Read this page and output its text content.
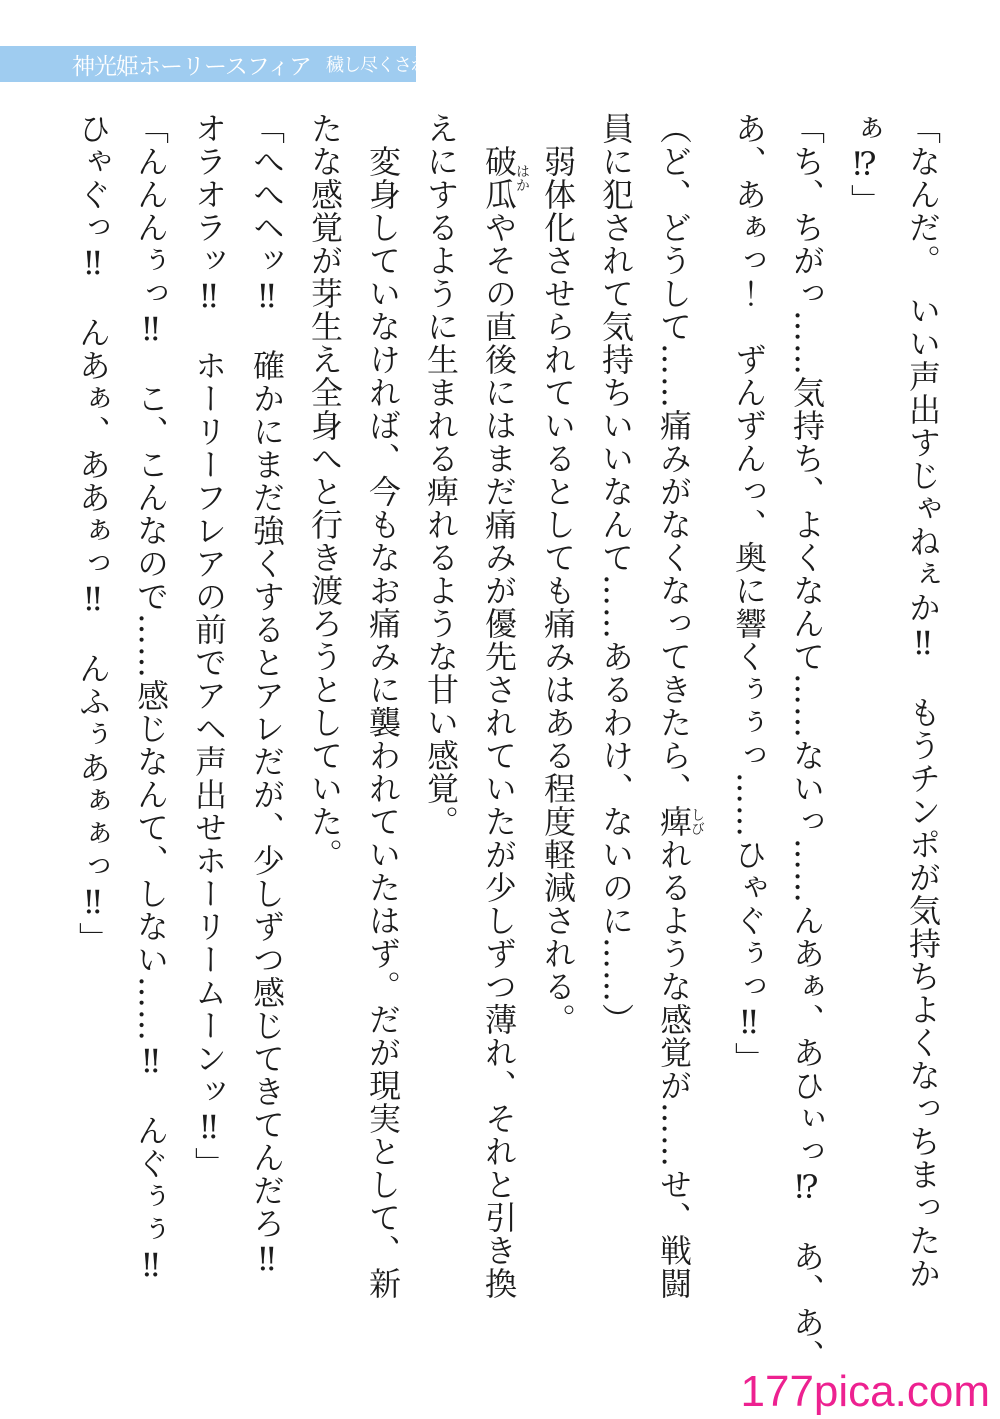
神光姫ホーリースフィア 穢し尽くされる正義
「なんだ。　いい声出すじゃねぇか‼　もうチンポが気持ちよくなっちまったか
ぁ⁉」
「ち、ちがっ……気持ち、よくなんて……ないっ……んあぁ、あひぃっ⁉　あ、あ、
あ、あぁっ！　ずんずんっ、奥に響くぅぅっ……ひゃぐぅっ‼」
（ど、どうして……痛みがなくなってきたら、痺しびれるような感覚が……せ、戦闘
員に犯されて気持ちいいなんて……あるわけ、ないのに……）
　弱体化させられているとしても痛みはある程度軽減される。
　破瓜はかやその直後にはまだ痛みが優先されていたが少しずつ薄れ、それと引き換
えにするように生まれる痺れるような甘い感覚。
　変身していなければ、今もなお痛みに襲われていたはず。だが現実として、新
たな感覚が芽生え全身へと行き渡ろうとしていた。
「へへヘッ‼　確かにまだ強くするとアレだが、少しずつ感じてきてんだろ‼
オラオラッ‼　ホーリーフレアの前でアヘ声出せホーリームーンッ‼」
「んんんぅっ‼　こ、こんなので……感じなんて、しない……‼　んぐぅぅ‼
ひゃぐっ‼　んあぁ、ああぁっ‼　んふぅあぁぁっ‼」
177pica.com
